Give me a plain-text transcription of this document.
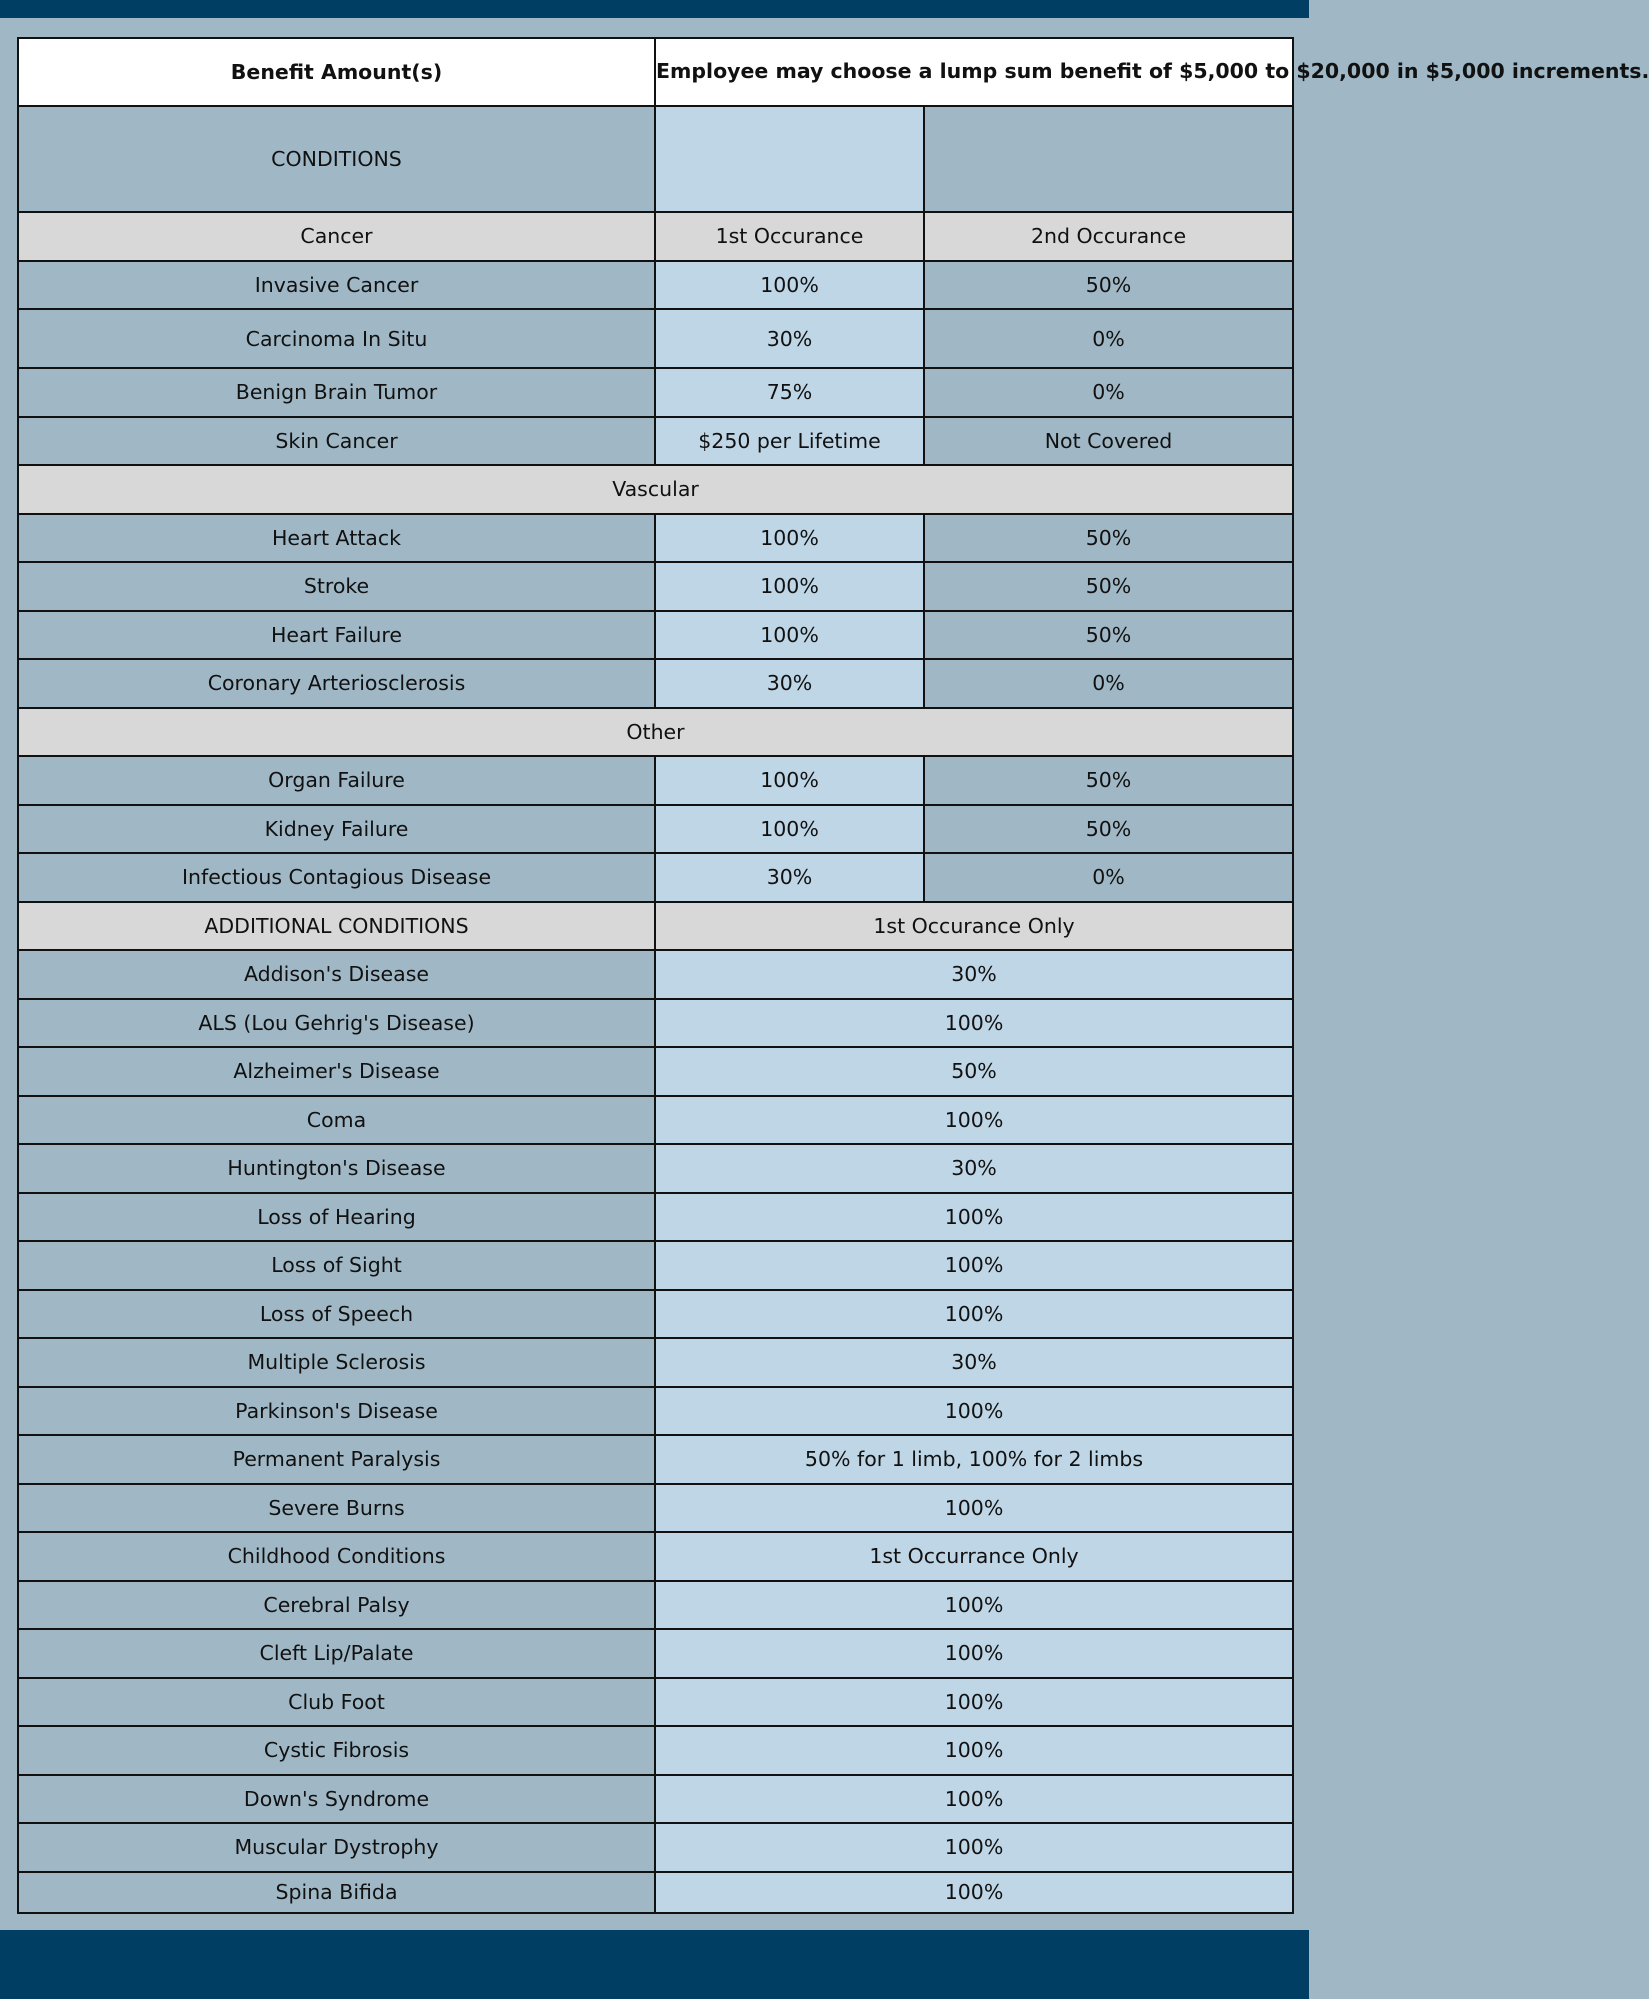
Benefit Amount(s)	Employee may choose a lump sum benefit of $5,000 to $20,000 in $5,000 increments.	
CONDITIONS		
Cancer	1st Occurance	2nd Occurance
Invasive Cancer	100%	50%
Carcinoma In Situ	30%	0%
Benign Brain Tumor	75%	0%
Skin Cancer	$250 per Lifetime	Not Covered
Vascular		
Heart Attack	100%	50%
Stroke	100%	50%
Heart Failure	100%	50%
Coronary Arteriosclerosis	30%	0%
Other		
Organ Failure	100%	50%
Kidney Failure	100%	50%
Infectious Contagious Disease	30%	0%
ADDITIONAL CONDITIONS	1st Occurance Only	
Addison's Disease	30%	
ALS (Lou Gehrig's Disease)	100%	
Alzheimer's Disease	50%	
Coma	100%	
Huntington's Disease	30%	
Loss of Hearing	100%	
Loss of Sight	100%	
Loss of Speech	100%	
Multiple Sclerosis	30%	
Parkinson's Disease	100%	
Permanent Paralysis	50% for 1 limb, 100% for 2 limbs	
Severe Burns	100%	
Childhood Conditions	1st Occurrance Only	
Cerebral Palsy	100%	
Cleft Lip/Palate	100%	
Club Foot	100%	
Cystic Fibrosis	100%	
Down's Syndrome	100%	
Muscular Dystrophy	100%	
Spina Bifida	100%	
